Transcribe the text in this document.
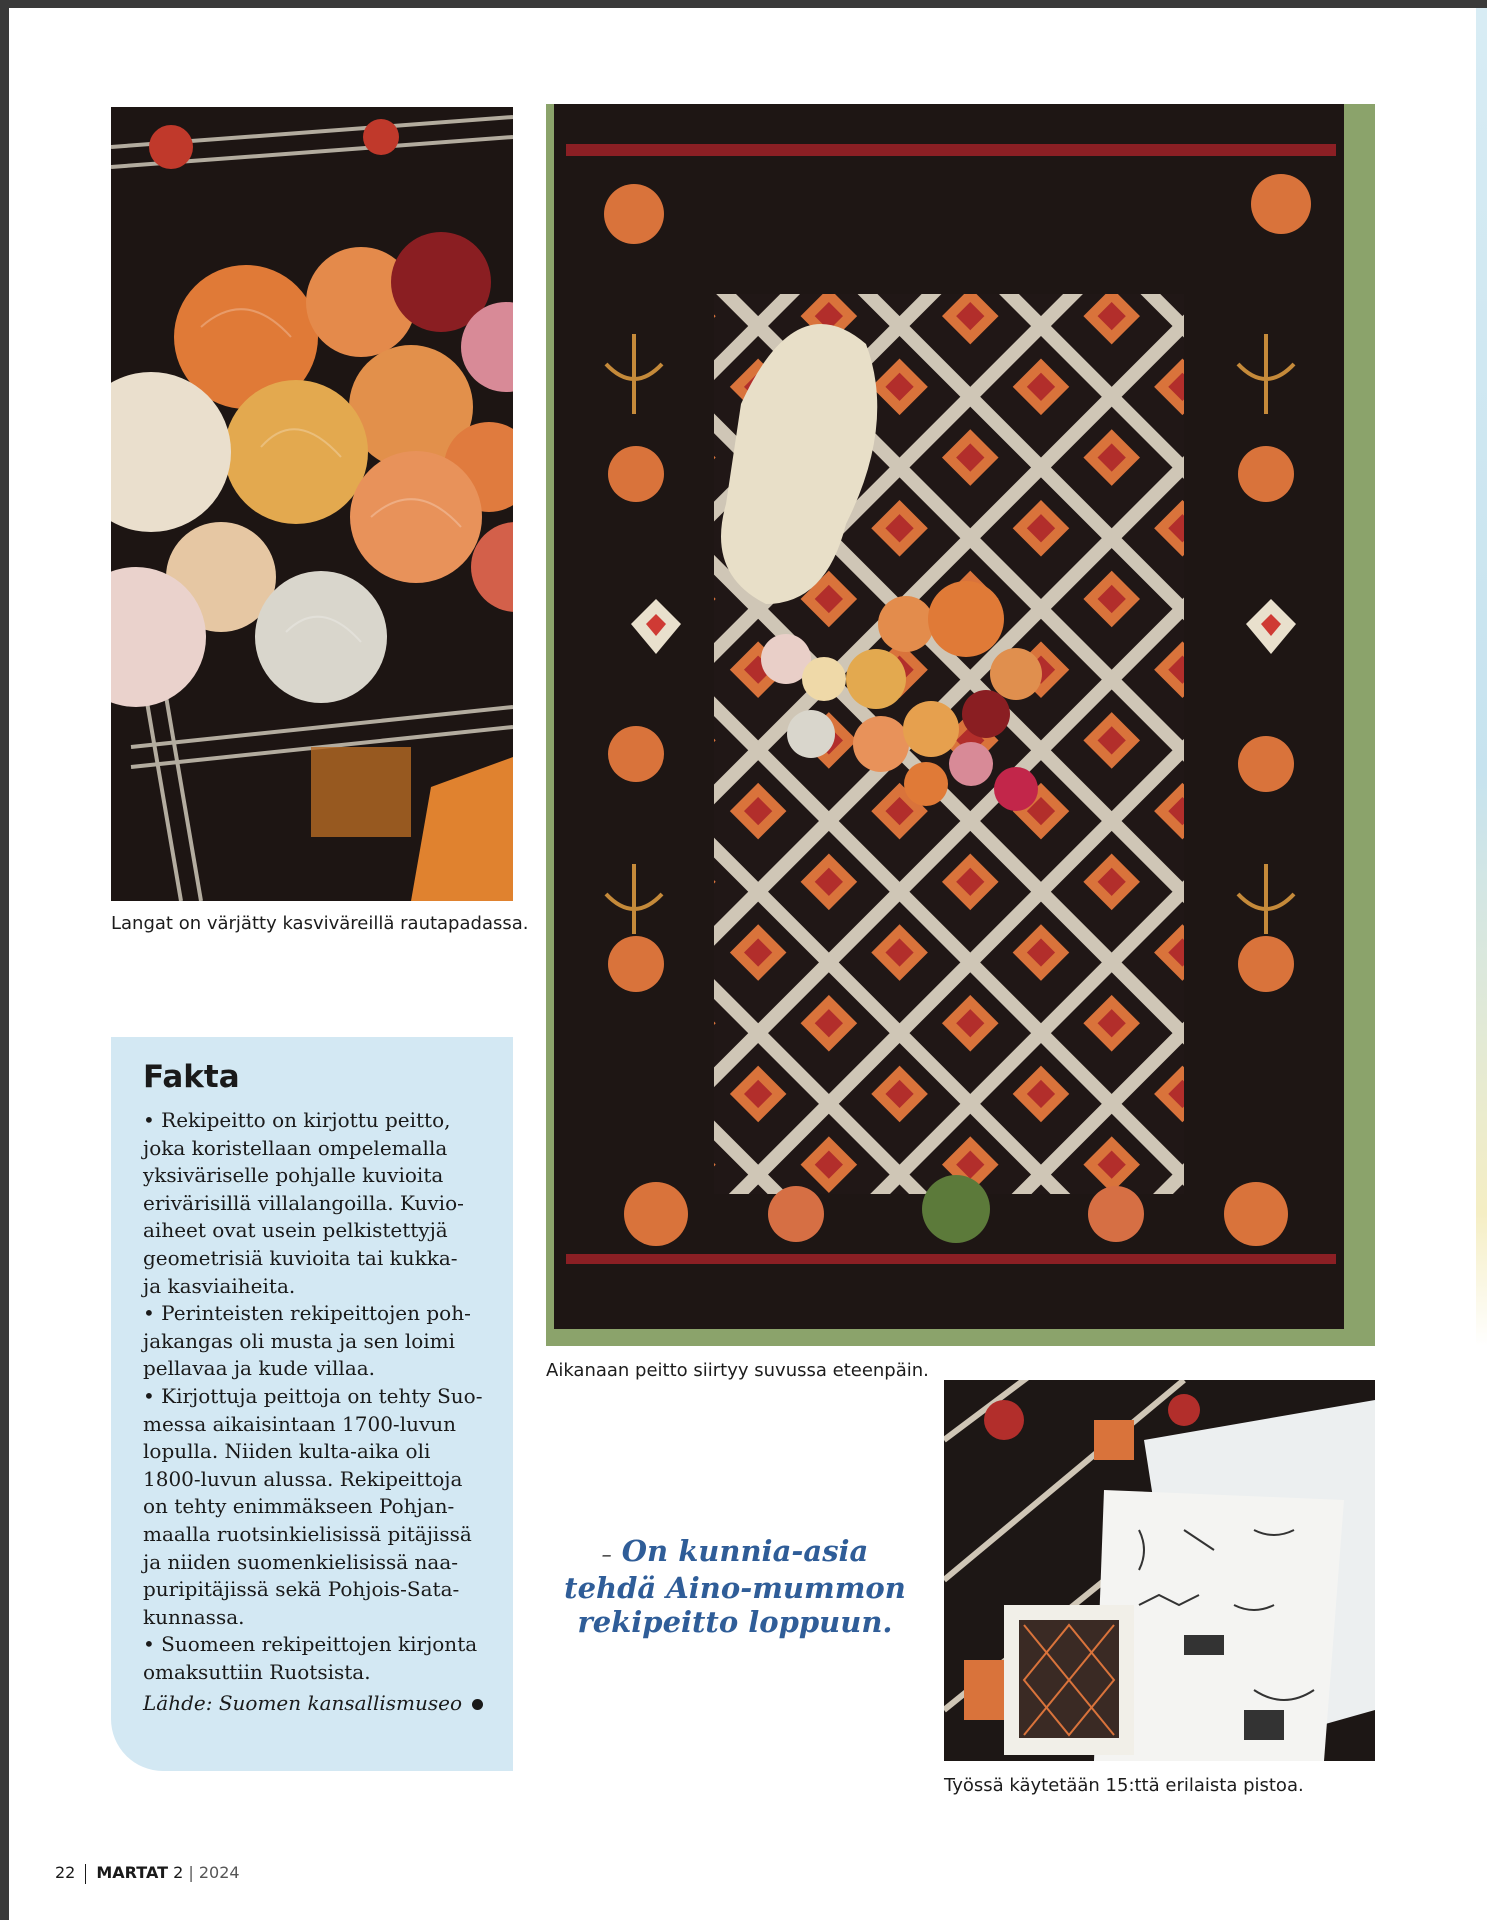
Langat on värjätty kasviväreillä rautapadassa.
Aikanaan peitto siirtyy suvussa eteenpäin.
Työssä käytetään 15:ttä erilaista pistoa.
Fakta
• Rekipeitto on kirjottu peitto,
joka koristellaan ompelemalla
yksiväriselle pohjalle kuvioita
erivärisillä villalangoilla. Kuvio-
aiheet ovat usein pelkistettyjä
geometrisiä kuvioita tai kukka-
ja kasviaiheita.
• Perinteisten rekipeittojen poh-
jakangas oli musta ja sen loimi
pellavaa ja kude villaa.
• Kirjottuja peittoja on tehty Suo-
messa aikaisintaan 1700-luvun
lopulla. Niiden kulta-aika oli
1800-luvun alussa. Rekipeittoja
on tehty enimmäkseen Pohjan-
maalla ruotsinkielisissä pitäjissä
ja niiden suomenkielisissä naa-
puripitäjissä sekä Pohjois-Sata-
kunnassa.
• Suomeen rekipeittojen kirjonta
omaksuttiin Ruotsista.
Lähde: Suomen kansallismuseo
– On kunnia-asia
tehdä Aino-mummon
rekipeitto loppuun.
22 MARTAT 2 | 2024
